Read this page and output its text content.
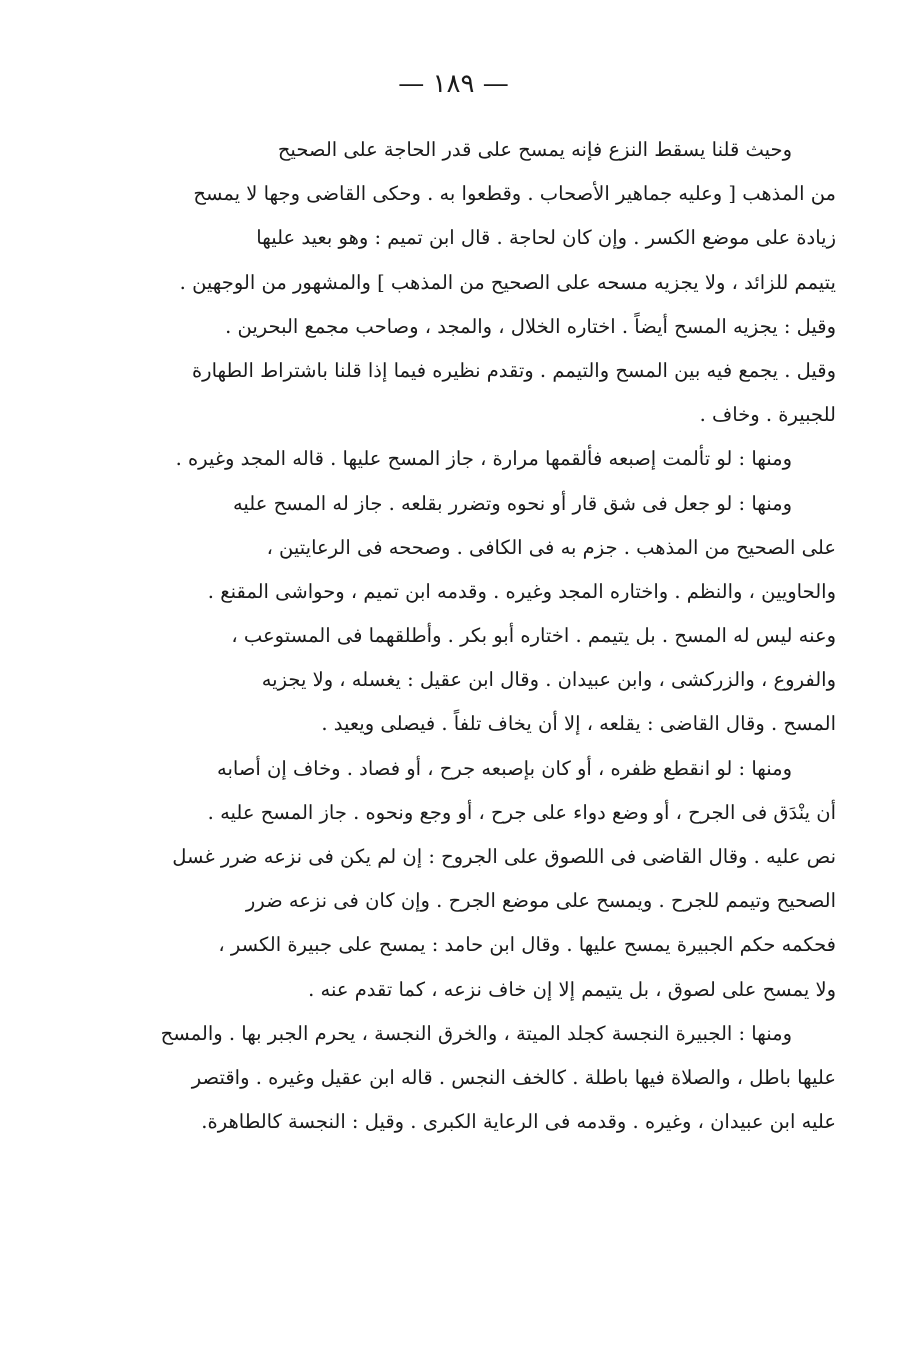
— ١٨٩ —
وحيث قلنا يسقط النزع فإنه يمسح على قدر الحاجة على الصحيح
من المذهب [ وعليه جماهير الأصحاب . وقطعوا به . وحكى القاضى وجها لا يمسح
زيادة على موضع الكسر . وإن كان لحاجة . قال ابن تميم : وهو بعيد عليها
يتيمم للزائد ، ولا يجزيه مسحه على الصحيح من المذهب ] والمشهور من الوجهين .
وقيل : يجزيه المسح أيضاً . اختاره الخلال ، والمجد ، وصاحب مجمع البحرين .
وقيل . يجمع فيه بين المسح والتيمم . وتقدم نظيره فيما إذا قلنا باشتراط الطهارة
للجبيرة . وخاف .
ومنها : لو تألمت إصبعه فألقمها مرارة ، جاز المسح عليها . قاله المجد وغيره .
ومنها : لو جعل فى شق قار أو نحوه وتضرر بقلعه . جاز له المسح عليه
على الصحيح من المذهب . جزم به فى الكافى . وصححه فى الرعايتين ،
والحاويين ، والنظم . واختاره المجد وغيره . وقدمه ابن تميم ، وحواشى المقنع .
وعنه ليس له المسح . بل يتيمم . اختاره أبو بكر . وأطلقهما فى المستوعب ،
والفروع ، والزركشى ، وابن عبيدان . وقال ابن عقيل : يغسله ، ولا يجزيه
المسح . وقال القاضى : يقلعه ، إلا أن يخاف تلفاً . فيصلى ويعيد .
ومنها : لو انقطع ظفره ، أو كان بإصبعه جرح ، أو فصاد . وخاف إن أصابه
أن ينْدَق فى الجرح ، أو وضع دواء على جرح ، أو وجع ونحوه . جاز المسح عليه .
نص عليه . وقال القاضى فى اللصوق على الجروح : إن لم يكن فى نزعه ضرر غسل
الصحيح وتيمم للجرح . ويمسح على موضع الجرح . وإن كان فى نزعه ضرر
فحكمه حكم الجبيرة يمسح عليها . وقال ابن حامد : يمسح على جبيرة الكسر ،
ولا يمسح على لصوق ، بل يتيمم إلا إن خاف نزعه ، كما تقدم عنه .
ومنها : الجبيرة النجسة كجلد الميتة ، والخرق النجسة ، يحرم الجبر بها . والمسح
عليها باطل ، والصلاة فيها باطلة . كالخف النجس . قاله ابن عقيل وغيره . واقتصر
عليه ابن عبيدان ، وغيره . وقدمه فى الرعاية الكبرى . وقيل : النجسة كالطاهرة.
